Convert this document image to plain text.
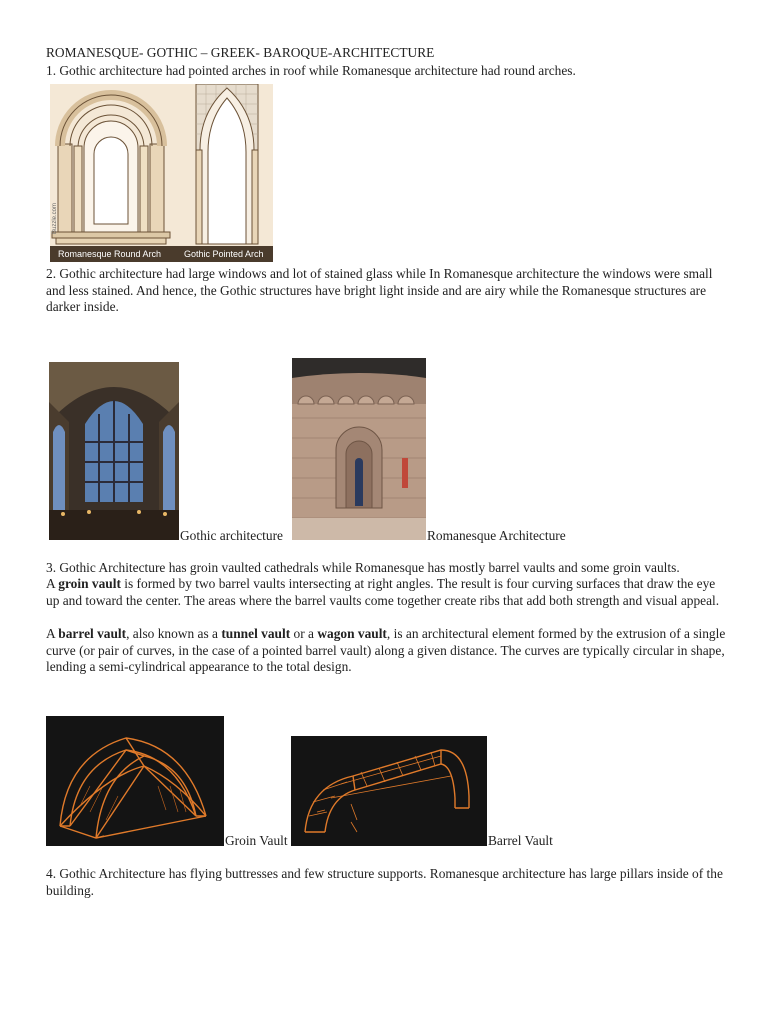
ROMANESQUE- GOTHIC – GREEK- BAROQUE-ARCHITECTURE
1. Gothic architecture had pointed arches in roof while Romanesque architecture had round arches.
Buzzle.com
Romanesque Round Arch	Gothic Pointed Arch
2. Gothic architecture had large windows and lot of stained glass while In Romanesque architecture the windows were small and less stained. And hence, the Gothic structures have bright light inside and are airy while the Romanesque structures are darker inside.
Gothic architecture	Romanesque Architecture
3. Gothic Architecture has groin vaulted cathedrals while Romanesque has mostly barrel vaults and some groin vaults.
A groin vault is formed by two barrel vaults intersecting at right angles. The result is four curving surfaces that draw the eye up and toward the center. The areas where the barrel vaults come together create ribs that add both strength and visual appeal.
A barrel vault, also known as a tunnel vault or a wagon vault, is an architectural element formed by the extrusion of a single curve (or pair of curves, in the case of a pointed barrel vault) along a given distance. The curves are typically circular in shape, lending a semi-cylindrical appearance to the total design.
Groin Vault	Barrel Vault
4. Gothic Architecture has flying buttresses and few structure supports. Romanesque architecture has large pillars inside of the building.
